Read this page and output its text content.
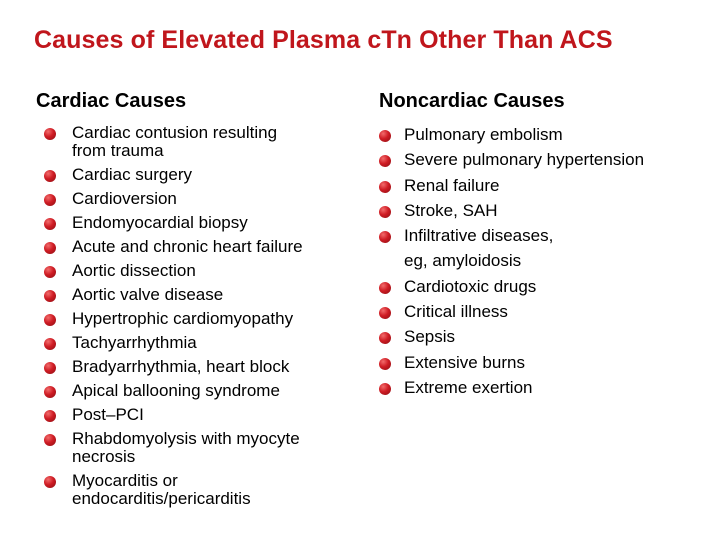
Causes of Elevated Plasma cTn Other Than ACS
Cardiac Causes	Noncardiac Causes
Cardiac contusion resulting
from trauma
Cardiac surgery
Cardioversion
Endomyocardial biopsy
Acute and chronic heart failure
Aortic dissection
Aortic valve disease
Hypertrophic cardiomyopathy
Tachyarrhythmia
Bradyarrhythmia, heart block
Apical ballooning syndrome
Post–PCI
Rhabdomyolysis with myocyte
necrosis
Myocarditis or
endocarditis/pericarditis
Pulmonary embolism
Severe pulmonary hypertension
Renal failure
Stroke, SAH
Infiltrative diseases,
eg, amyloidosis
Cardiotoxic drugs
Critical illness
Sepsis
Extensive burns
Extreme exertion
